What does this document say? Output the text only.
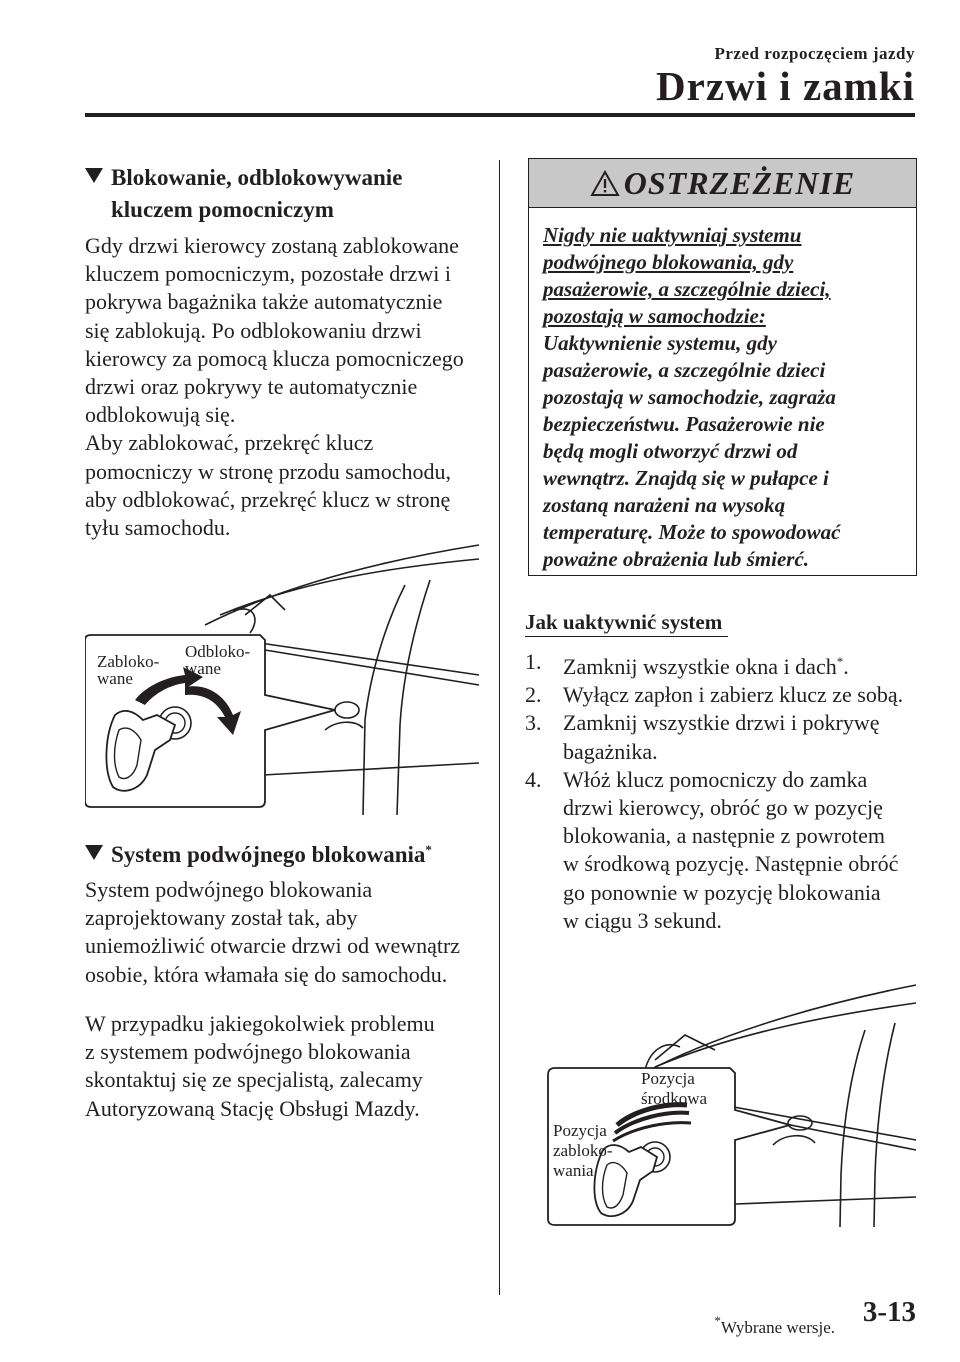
Przed rozpoczęciem jazdy
Drzwi i zamki
Blokowanie, odblokowywanie
kluczem pomocniczym

Gdy drzwi kierowcy zostaną zablokowane

kluczem pomocniczym, pozostałe drzwi i

pokrywa bagażnika także automatycznie

się zablokują. Po odblokowaniu drzwi

kierowcy za pomocą klucza pomocniczego

drzwi oraz pokrywy te automatycznie

odblokowują się.

Aby zablokować, przekręć klucz

pomocniczy w stronę przodu samochodu,

aby odblokować, przekręć klucz w stronę

tyłu samochodu.

Zabloko-
wane
Odbloko-
wane
System podwójnego blokowania*

System podwójnego blokowania

zaprojektowany został tak, aby

uniemożliwić otwarcie drzwi od wewnątrz

osobie, która włamała się do samochodu.

W przypadku jakiegokolwiek problemu

z systemem podwójnego blokowania

skontaktuj się ze specjalistą, zalecamy

Autoryzowaną Stację Obsługi Mazdy.

OSTRZEŻENIE

Nigdy nie uaktywniaj systemu

podwójnego blokowania, gdy

pasażerowie, a szczególnie dzieci,

pozostają w samochodzie:

Uaktywnienie systemu, gdy

pasażerowie, a szczególnie dzieci

pozostają w samochodzie, zagraża

bezpieczeństwu. Pasażerowie nie

będą mogli otworzyć drzwi od

wewnątrz. Znajdą się w pułapce i

zostaną narażeni na wysoką

temperaturę. Może to spowodować

poważne obrażenia lub śmierć.

Jak uaktywnić system
1. Zamknij wszystkie okna i dach*.
2. Wyłącz zapłon i zabierz klucz ze sobą.
3. Zamknij wszystkie drzwi i pokrywę
bagażnika.
4. Włóż klucz pomocniczy do zamka
drzwi kierowcy, obróć go w pozycję
blokowania, a następnie z powrotem
w środkową pozycję. Następnie obróć
go ponownie w pozycję blokowania
w ciągu 3 sekund.
Pozycja
środkowa
Pozycja
zabloko-
wania
*Wybrane wersje. 3-13
